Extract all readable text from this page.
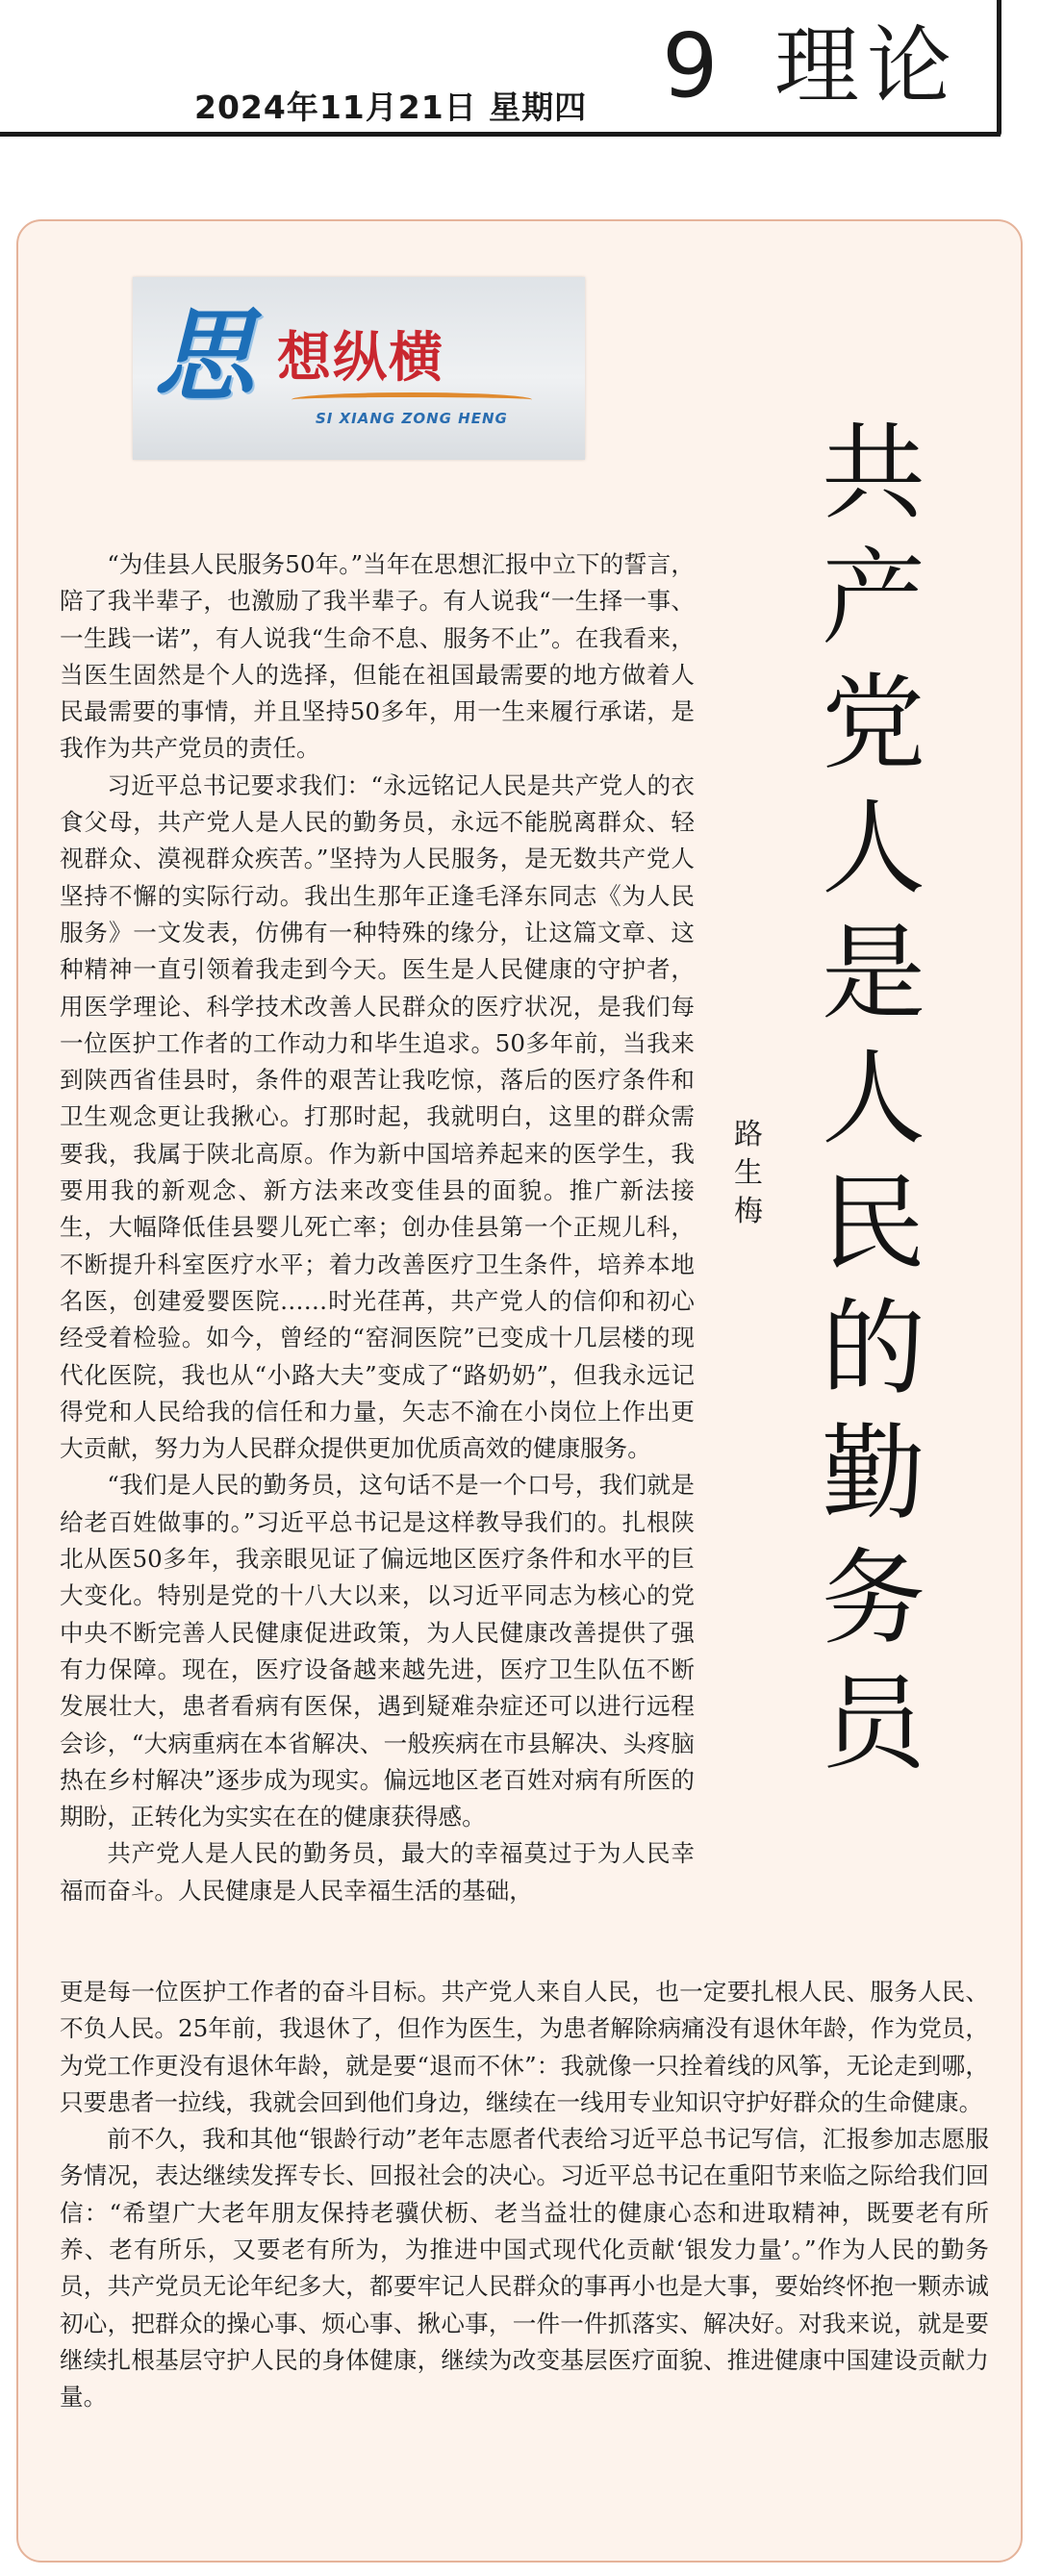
2024年11月21日 星期四 9 理论
思 想纵横
SI XIANG ZONG HENG	共
产
党
人
是
人
民
的
勤
务
员
路
生
梅

“为佳县人民服务50年。”当年在思想汇报中立下的誓言，陪了我半辈子，也激励了我半辈子。有人说我“一生择一事、一生践一诺”，有人说我“生命不息、服务不止”。在我看来，当医生固然是个人的选择，但能在祖国最需要的地方做着人民最需要的事情，并且坚持50多年，用一生来履行承诺，是我作为共产党员的责任。

习近平总书记要求我们：“永远铭记人民是共产党人的衣食父母，共产党人是人民的勤务员，永远不能脱离群众、轻视群众、漠视群众疾苦。”坚持为人民服务，是无数共产党人坚持不懈的实际行动。我出生那年正逢毛泽东同志《为人民服务》一文发表，仿佛有一种特殊的缘分，让这篇文章、这种精神一直引领着我走到今天。医生是人民健康的守护者，用医学理论、科学技术改善人民群众的医疗状况，是我们每一位医护工作者的工作动力和毕生追求。50多年前，当我来到陕西省佳县时，条件的艰苦让我吃惊，落后的医疗条件和卫生观念更让我揪心。打那时起，我就明白，这里的群众需要我，我属于陕北高原。作为新中国培养起来的医学生，我要用我的新观念、新方法来改变佳县的面貌。推广新法接生，大幅降低佳县婴儿死亡率；创办佳县第一个正规儿科，不断提升科室医疗水平；着力改善医疗卫生条件，培养本地名医，创建爱婴医院……时光荏苒，共产党人的信仰和初心经受着检验。如今，曾经的“窑洞医院”已变成十几层楼的现代化医院，我也从“小路大夫”变成了“路奶奶”，但我永远记得党和人民给我的信任和力量，矢志不渝在小岗位上作出更大贡献，努力为人民群众提供更加优质高效的健康服务。

“我们是人民的勤务员，这句话不是一个口号，我们就是给老百姓做事的。”习近平总书记是这样教导我们的。扎根陕北从医50多年，我亲眼见证了偏远地区医疗条件和水平的巨大变化。特别是党的十八大以来，以习近平同志为核心的党中央不断完善人民健康促进政策，为人民健康改善提供了强有力保障。现在，医疗设备越来越先进，医疗卫生队伍不断发展壮大，患者看病有医保，遇到疑难杂症还可以进行远程会诊，“大病重病在本省解决、一般疾病在市县解决、头疼脑热在乡村解决”逐步成为现实。偏远地区老百姓对病有所医的期盼，正转化为实实在在的健康获得感。

共产党人是人民的勤务员，最大的幸福莫过于为人民幸福而奋斗。人民健康是人民幸福生活的基础，

更是每一位医护工作者的奋斗目标。共产党人来自人民，也一定要扎根人民、服务人民、不负人民。25年前，我退休了，但作为医生，为患者解除病痛没有退休年龄，作为党员，为党工作更没有退休年龄，就是要“退而不休”：我就像一只拴着线的风筝，无论走到哪，只要患者一拉线，我就会回到他们身边，继续在一线用专业知识守护好群众的生命健康。

前不久，我和其他“银龄行动”老年志愿者代表给习近平总书记写信，汇报参加志愿服务情况，表达继续发挥专长、回报社会的决心。习近平总书记在重阳节来临之际给我们回信：“希望广大老年朋友保持老骥伏枥、老当益壮的健康心态和进取精神，既要老有所养、老有所乐，又要老有所为，为推进中国式现代化贡献‘银发力量’。”作为人民的勤务员，共产党员无论年纪多大，都要牢记人民群众的事再小也是大事，要始终怀抱一颗赤诚初心，把群众的操心事、烦心事、揪心事，一件一件抓落实、解决好。对我来说，就是要继续扎根基层守护人民的身体健康，继续为改变基层医疗面貌、推进健康中国建设贡献力量。
